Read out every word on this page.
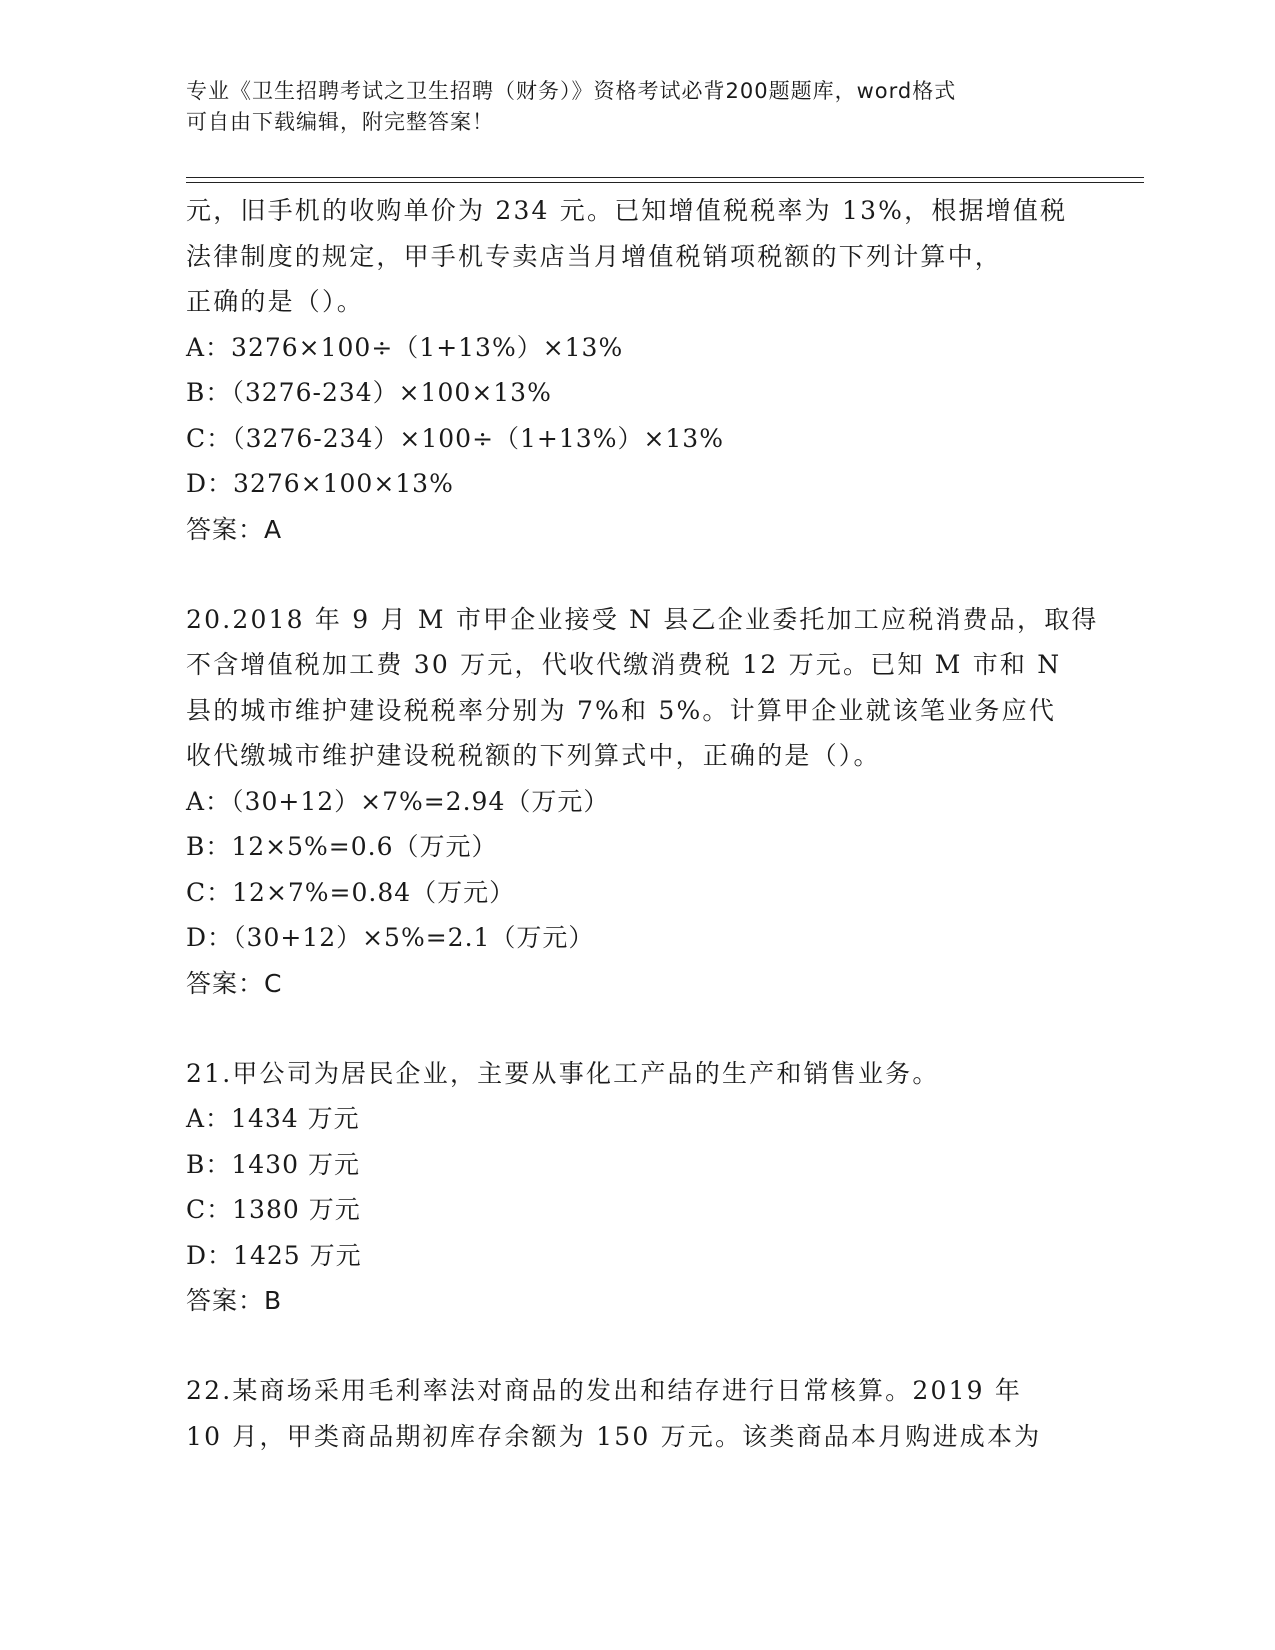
专业《卫生招聘考试之卫生招聘（财务）》资格考试必背200题题库，word格式
可自由下载编辑，附完整答案！
元，旧手机的收购单价为 234 元。已知增值税税率为 13%，根据增值税
法律制度的规定，甲手机专卖店当月增值税销项税额的下列计算中，
正确的是（）。
A：3276×100÷（1+13%）×13%
B：（3276-234）×100×13%
C：（3276-234）×100÷（1+13%）×13%
D：3276×100×13%
答案：A
20.2018 年 9 月 M 市甲企业接受 N 县乙企业委托加工应税消费品，取得
不含增值税加工费 30 万元，代收代缴消费税 12 万元。已知 M 市和 N
县的城市维护建设税税率分别为 7%和 5%。计算甲企业就该笔业务应代
收代缴城市维护建设税税额的下列算式中，正确的是（）。
A：（30+12）×7%=2.94（万元）
B：12×5%=0.6（万元）
C：12×7%=0.84（万元）
D：（30+12）×5%=2.1（万元）
答案：C
21.甲公司为居民企业，主要从事化工产品的生产和销售业务。
A：1434 万元
B：1430 万元
C：1380 万元
D：1425 万元
答案：B
22.某商场采用毛利率法对商品的发出和结存进行日常核算。2019 年
10 月，甲类商品期初库存余额为 150 万元。该类商品本月购进成本为
